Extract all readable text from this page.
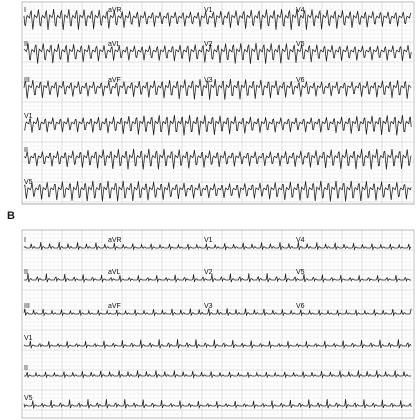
I	aVR	V1	V4
II	aVL	V2	V5
III	aVF	V3	V6
V1
II
V5
B
I	aVR	V1	V4
II	aVL	V2	V5
III	aVF	V3	V6
V1
II
V5
